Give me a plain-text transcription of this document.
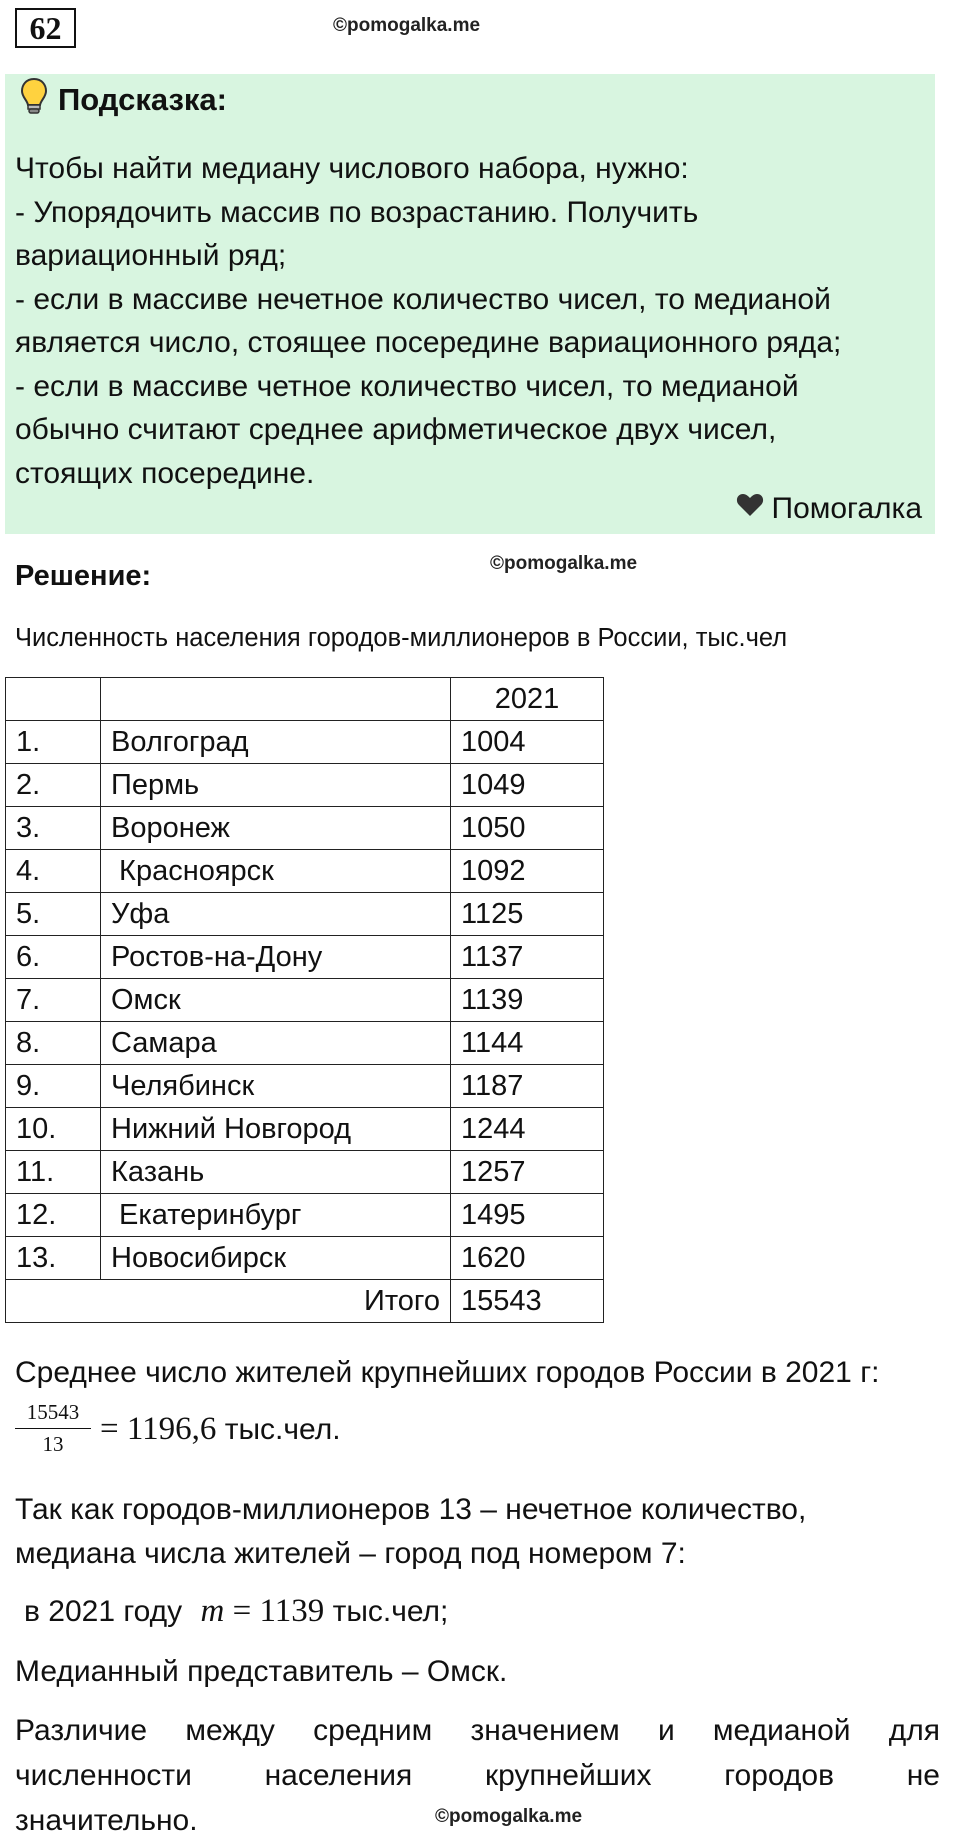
62	©pomogalka.me
Подсказка:
Чтобы найти медиану числового набора, нужно:
- Упорядочить массив по возрастанию. Получить
вариационный ряд;
- если в массиве нечетное количество чисел, то медианой
является число, стоящее посередине вариационного ряда;
- если в массиве четное количество чисел, то медианой
обычно считают среднее арифметическое двух чисел,
стоящих посередине.
Помогалка
Решение:	©pomogalka.me
Численность населения городов-миллионеров в России, тыс.чел
		2021
1.	Волгоград	1004
2.	Пермь	1049
3.	Воронеж	1050
4.	Красноярск	1092
5.	Уфа	1125
6.	Ростов-на-Дону	1137
7.	Омск	1139
8.	Самара	1144
9.	Челябинск	1187
10.	Нижний Новгород	1244
11.	Казань	1257
12.	Екатеринбург	1495
13.	Новосибирск	1620
Итого		15543
Среднее число жителей крупнейших городов России в 2021 г:
15543
13	= 1196,6 тыс.чел.
Так как городов-миллионеров 13 – нечетное количество,
медиана числа жителей – город под номером 7:
в 2021 году m = 1139 тыс.чел;
Медианный представитель – Омск.
Различие между средним значением и медианой для
численности населения крупнейших городов не
значительно.	©pomogalka.me
